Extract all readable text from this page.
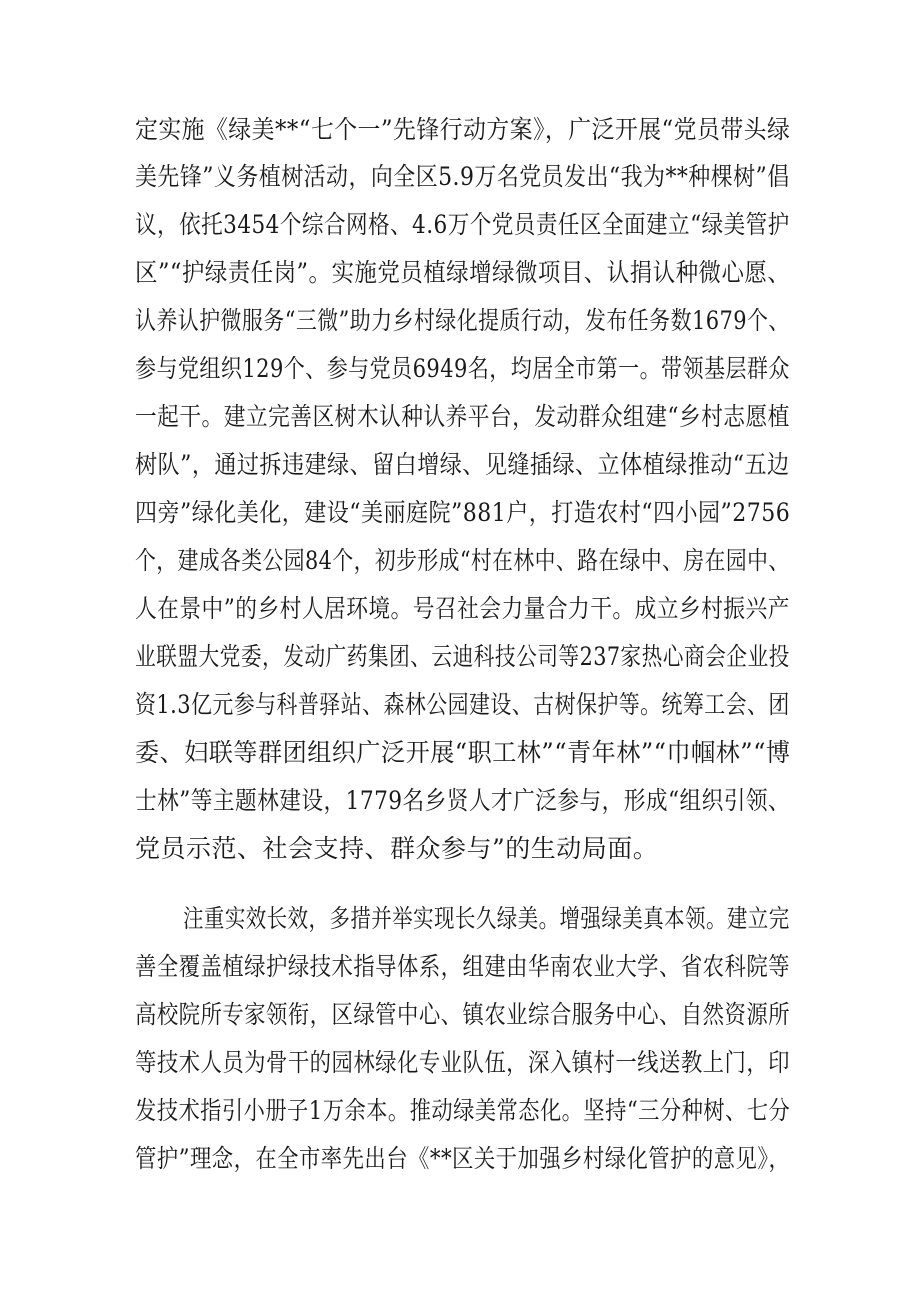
定实施《绿美**“七个一”先锋行动方案》，广泛开展“党员带头绿
美先锋”义务植树活动，向全区5.9万名党员发出“我为**种棵树”倡
议，依托3454个综合网格、4.6万个党员责任区全面建立“绿美管护
区”“护绿责任岗”。实施党员植绿增绿微项目、认捐认种微心愿、
认养认护微服务“三微”助力乡村绿化提质行动，发布任务数1679个、
参与党组织129个、参与党员6949名，均居全市第一。带领基层群众
一起干。建立完善区树木认种认养平台，发动群众组建“乡村志愿植
树队”，通过拆违建绿、留白增绿、见缝插绿、立体植绿推动“五边
四旁”绿化美化，建设“美丽庭院”881户，打造农村“四小园”2756
个，建成各类公园84个，初步形成“村在林中、路在绿中、房在园中、
人在景中”的乡村人居环境。号召社会力量合力干。成立乡村振兴产
业联盟大党委，发动广药集团、云迪科技公司等237家热心商会企业投
资1.3亿元参与科普驿站、森林公园建设、古树保护等。统筹工会、团
委、妇联等群团组织广泛开展“职工林”“青年林”“巾帼林”“博
士林”等主题林建设，1779名乡贤人才广泛参与，形成“组织引领、
党员示范、社会支持、群众参与”的生动局面。
注重实效长效，多措并举实现长久绿美。增强绿美真本领。建立完
善全覆盖植绿护绿技术指导体系，组建由华南农业大学、省农科院等
高校院所专家领衔，区绿管中心、镇农业综合服务中心、自然资源所
等技术人员为骨干的园林绿化专业队伍，深入镇村一线送教上门，印
发技术指引小册子1万余本。推动绿美常态化。坚持“三分种树、七分
管护”理念，在全市率先出台《**区关于加强乡村绿化管护的意见》，
